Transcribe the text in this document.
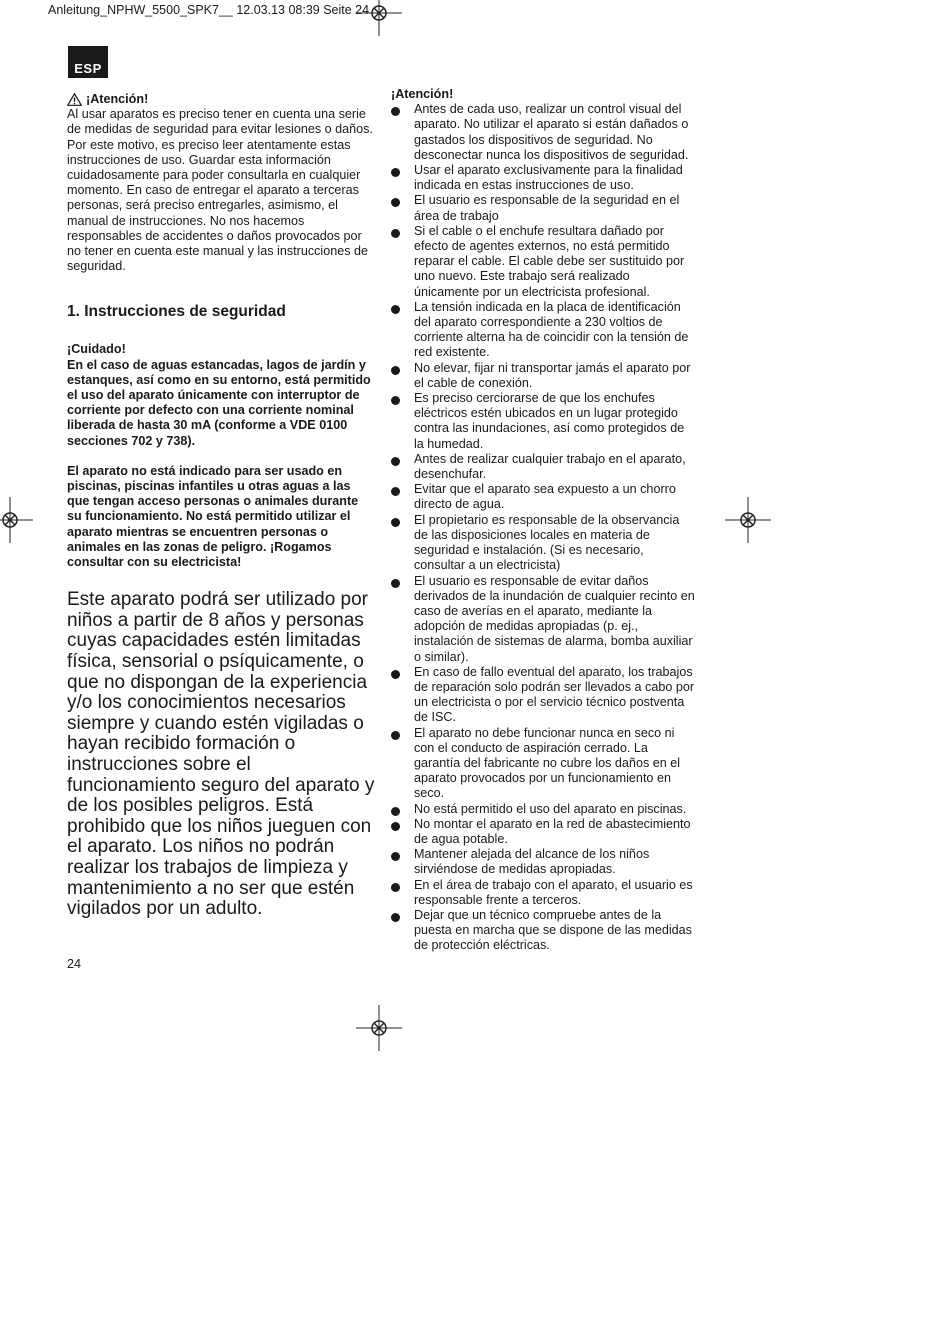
Anleitung_NPHW_5500_SPK7__ 12.03.13 08:39 Seite 24
ESP
¡Atención!

Al usar aparatos es preciso tener en cuenta una serie de medidas de seguridad para evitar lesiones o daños. Por este motivo, es preciso leer atentamente estas instrucciones de uso. Guardar esta información cuidadosamente para poder consultarla en cualquier momento. En caso de entregar el aparato a terceras personas, será preciso entregarles, asimismo, el manual de instrucciones. No nos hacemos responsables de accidentes o daños provocados por no tener en cuenta este manual y las instrucciones de seguridad.

1. Instrucciones de seguridad
¡Cuidado!

En el caso de aguas estancadas, lagos de jardín y estanques, así como en su entorno, está permitido el uso del aparato únicamente con interruptor de corriente por defecto con una corriente nominal liberada de hasta 30 mA (conforme a VDE 0100 secciones 702 y 738).

El aparato no está indicado para ser usado en piscinas, piscinas infantiles u otras aguas a las que tengan acceso personas o animales durante su funcionamiento. No está permitido utilizar el aparato mientras se encuentren personas o animales en las zonas de peligro. ¡Rogamos consultar con su electricista!

Este aparato podrá ser utilizado por niños a partir de 8 años y personas cuyas capacidades estén limitadas física, sensorial o psíquicamente, o que no dispongan de la experiencia y/o los conocimientos necesarios siempre y cuando estén vigiladas o hayan recibido formación o instrucciones sobre el funcionamiento seguro del aparato y de los posibles peligros. Está prohibido que los niños jueguen con el aparato. Los niños no podrán realizar los trabajos de limpieza y mantenimiento a no ser que estén vigilados por un adulto.

¡Atención!
Antes de cada uso, realizar un control visual del aparato. No utilizar el aparato si están dañados o gastados los dispositivos de seguridad. No desconectar nunca los dispositivos de seguridad.
Usar el aparato exclusivamente para la finalidad indicada en estas instrucciones de uso.
El usuario es responsable de la seguridad en el área de trabajo
Si el cable o el enchufe resultara dañado por efecto de agentes externos, no está permitido reparar el cable. El cable debe ser sustituido por uno nuevo. Este trabajo será realizado únicamente por un electricista profesional.
La tensión indicada en la placa de identificación del aparato correspondiente a 230 voltios de corriente alterna ha de coincidir con la tensión de red existente.
No elevar, fijar ni transportar jamás el aparato por el cable de conexión.
Es preciso cerciorarse de que los enchufes eléctricos estén ubicados en un lugar protegido contra las inundaciones, así como protegidos de la humedad.
Antes de realizar cualquier trabajo en el aparato, desenchufar.
Evitar que el aparato sea expuesto a un chorro directo de agua.
El propietario es responsable de la observancia de las disposiciones locales en materia de seguridad e instalación. (Si es necesario, consultar a un electricista)
El usuario es responsable de evitar daños derivados de la inundación de cualquier recinto en caso de averías en el aparato, mediante la adopción de medidas apropiadas (p. ej., instalación de sistemas de alarma, bomba auxiliar o similar).
En caso de fallo eventual del aparato, los trabajos de reparación solo podrán ser llevados a cabo por un electricista o por el servicio técnico postventa de ISC.
El aparato no debe funcionar nunca en seco ni con el conducto de aspiración cerrado. La garantía del fabricante no cubre los daños en el aparato provocados por un funcionamiento en seco.
No está permitido el uso del aparato en piscinas.
No montar el aparato en la red de abastecimiento de agua potable.
Mantener alejada del alcance de los niños sirviéndose de medidas apropiadas.
En el área de trabajo con el aparato, el usuario es responsable frente a terceros.
Dejar que un técnico compruebe antes de la puesta en marcha que se dispone de las medidas de protección eléctricas.
24
